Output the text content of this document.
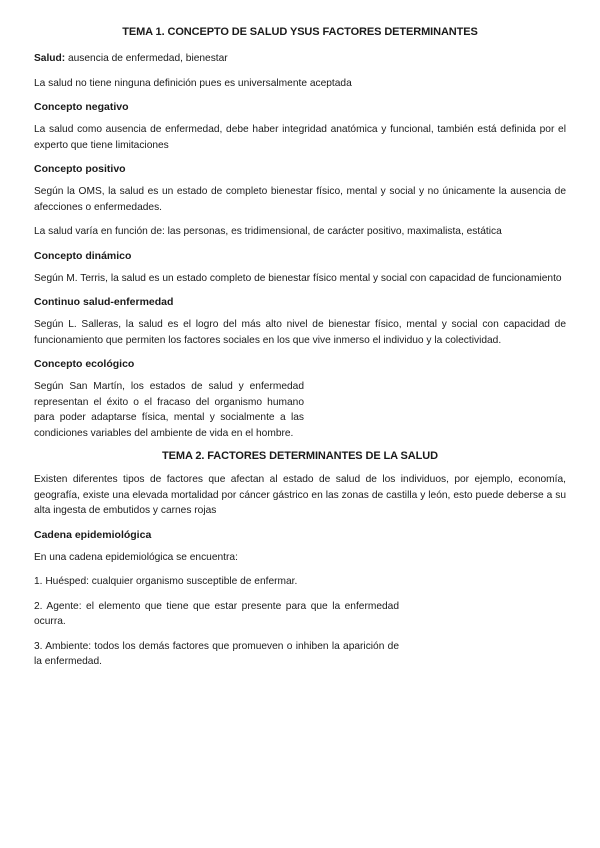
TEMA 1. CONCEPTO DE SALUD YSUS FACTORES DETERMINANTES
Salud: ausencia de enfermedad, bienestar
La salud no tiene ninguna definición pues es universalmente aceptada
Concepto negativo
La salud como ausencia de enfermedad, debe haber integridad anatómica y funcional, también está definida por el experto que tiene limitaciones
Concepto positivo
Según la OMS, la salud es un estado de completo bienestar físico, mental y social y no únicamente la ausencia de afecciones o enfermedades.
La salud varía en función de: las personas, es tridimensional, de carácter positivo, maximalista, estática
Concepto dinámico
Según M. Terris, la salud es un estado completo de bienestar físico mental y social con capacidad de funcionamiento
Continuo salud-enfermedad
Según L. Salleras, la salud es el logro del más alto nivel de bienestar físico, mental y social con capacidad de funcionamiento que permiten los factores sociales en los que vive inmerso el individuo y la colectividad.
Concepto ecológico
Según San Martín, los estados de salud y enfermedad representan el éxito o el fracaso del organismo humano para poder adaptarse física, mental y socialmente a las condiciones variables del ambiente de vida en el hombre.
TEMA 2. FACTORES DETERMINANTES DE LA SALUD
Existen diferentes tipos de factores que afectan al estado de salud de los individuos, por ejemplo, economía, geografía, existe una elevada mortalidad por cáncer gástrico en las zonas de castilla y león, esto puede deberse a su alta ingesta de embutidos y carnes rojas
Cadena epidemiológica
En una cadena epidemiológica se encuentra:
1. Huésped: cualquier organismo susceptible de enfermar.
2. Agente: el elemento que tiene que estar presente para que la enfermedad ocurra.
3. Ambiente: todos los demás factores que promueven o inhiben la aparición de la enfermedad.
